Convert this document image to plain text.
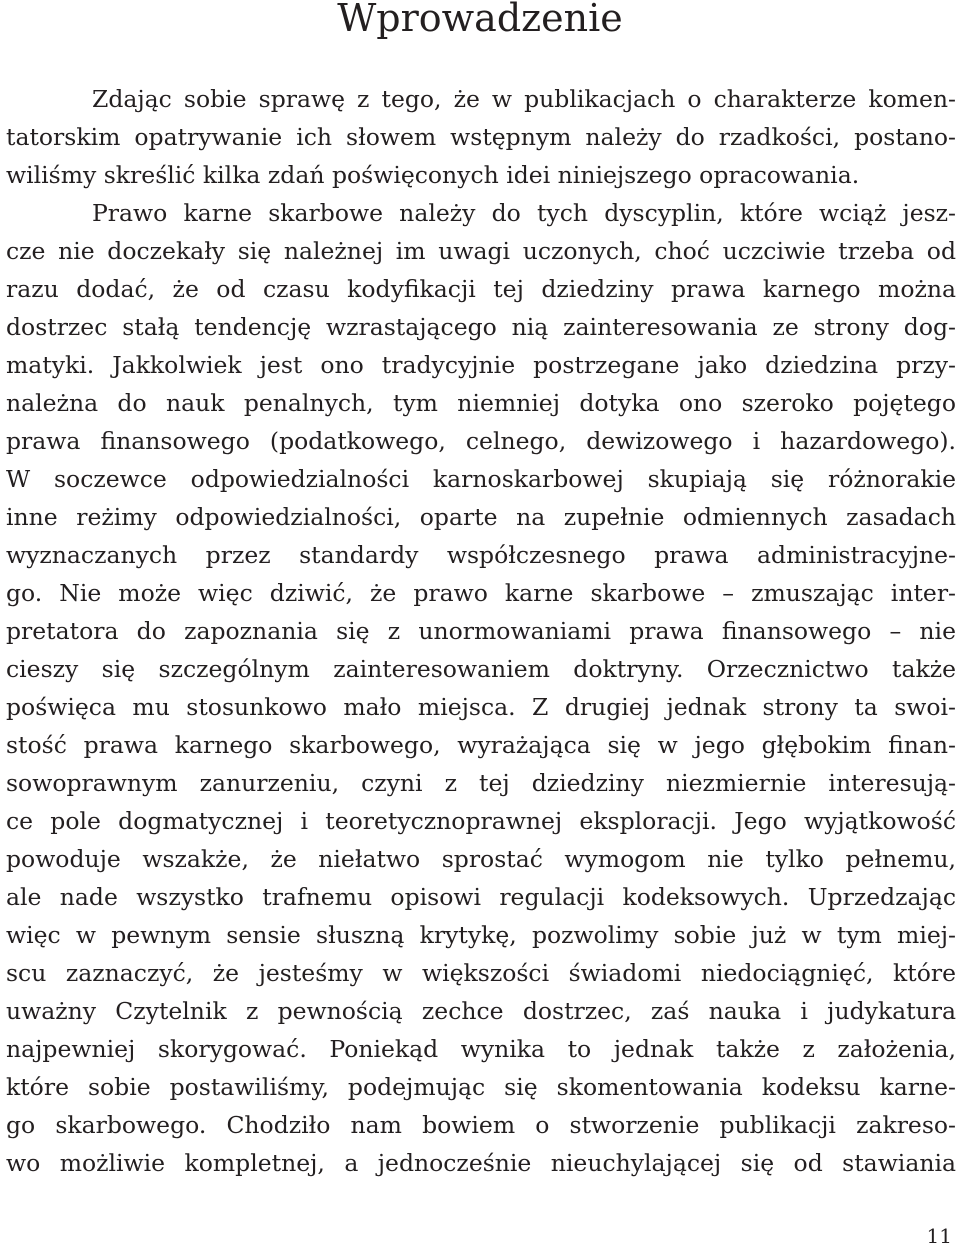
Wprowadzenie
Zdając sobie sprawę z tego, że w publikacjach o charakterze komen-
tatorskim opatrywanie ich słowem wstępnym należy do rzadkości, postano-
wiliśmy skreślić kilka zdań poświęconych idei niniejszego opracowania.
Prawo karne skarbowe należy do tych dyscyplin, które wciąż jesz-
cze nie doczekały się należnej im uwagi uczonych, choć uczciwie trzeba od
razu dodać, że od czasu kodyfikacji tej dziedziny prawa karnego można
dostrzec stałą tendencję wzrastającego nią zainteresowania ze strony dog-
matyki. Jakkolwiek jest ono tradycyjnie postrzegane jako dziedzina przy-
należna do nauk penalnych, tym niemniej dotyka ono szeroko pojętego
prawa finansowego (podatkowego, celnego, dewizowego i hazardowego).
W soczewce odpowiedzialności karnoskarbowej skupiają się różnorakie
inne reżimy odpowiedzialności, oparte na zupełnie odmiennych zasadach
wyznaczanych przez standardy współczesnego prawa administracyjne-
go. Nie może więc dziwić, że prawo karne skarbowe – zmuszając inter-
pretatora do zapoznania się z unormowaniami prawa finansowego – nie
cieszy się szczególnym zainteresowaniem doktryny. Orzecznictwo także
poświęca mu stosunkowo mało miejsca. Z drugiej jednak strony ta swoi-
stość prawa karnego skarbowego, wyrażająca się w jego głębokim finan-
sowoprawnym zanurzeniu, czyni z tej dziedziny niezmiernie interesują-
ce pole dogmatycznej i teoretycznoprawnej eksploracji. Jego wyjątkowość
powoduje wszakże, że niełatwo sprostać wymogom nie tylko pełnemu,
ale nade wszystko trafnemu opisowi regulacji kodeksowych. Uprzedzając
więc w pewnym sensie słuszną krytykę, pozwolimy sobie już w tym miej-
scu zaznaczyć, że jesteśmy w większości świadomi niedociągnięć, które
uważny Czytelnik z pewnością zechce dostrzec, zaś nauka i judykatura
najpewniej skorygować. Poniekąd wynika to jednak także z założenia,
które sobie postawiliśmy, podejmując się skomentowania kodeksu karne-
go skarbowego. Chodziło nam bowiem o stworzenie publikacji zakreso-
wo możliwie kompletnej, a jednocześnie nieuchylającej się od stawiania
11
